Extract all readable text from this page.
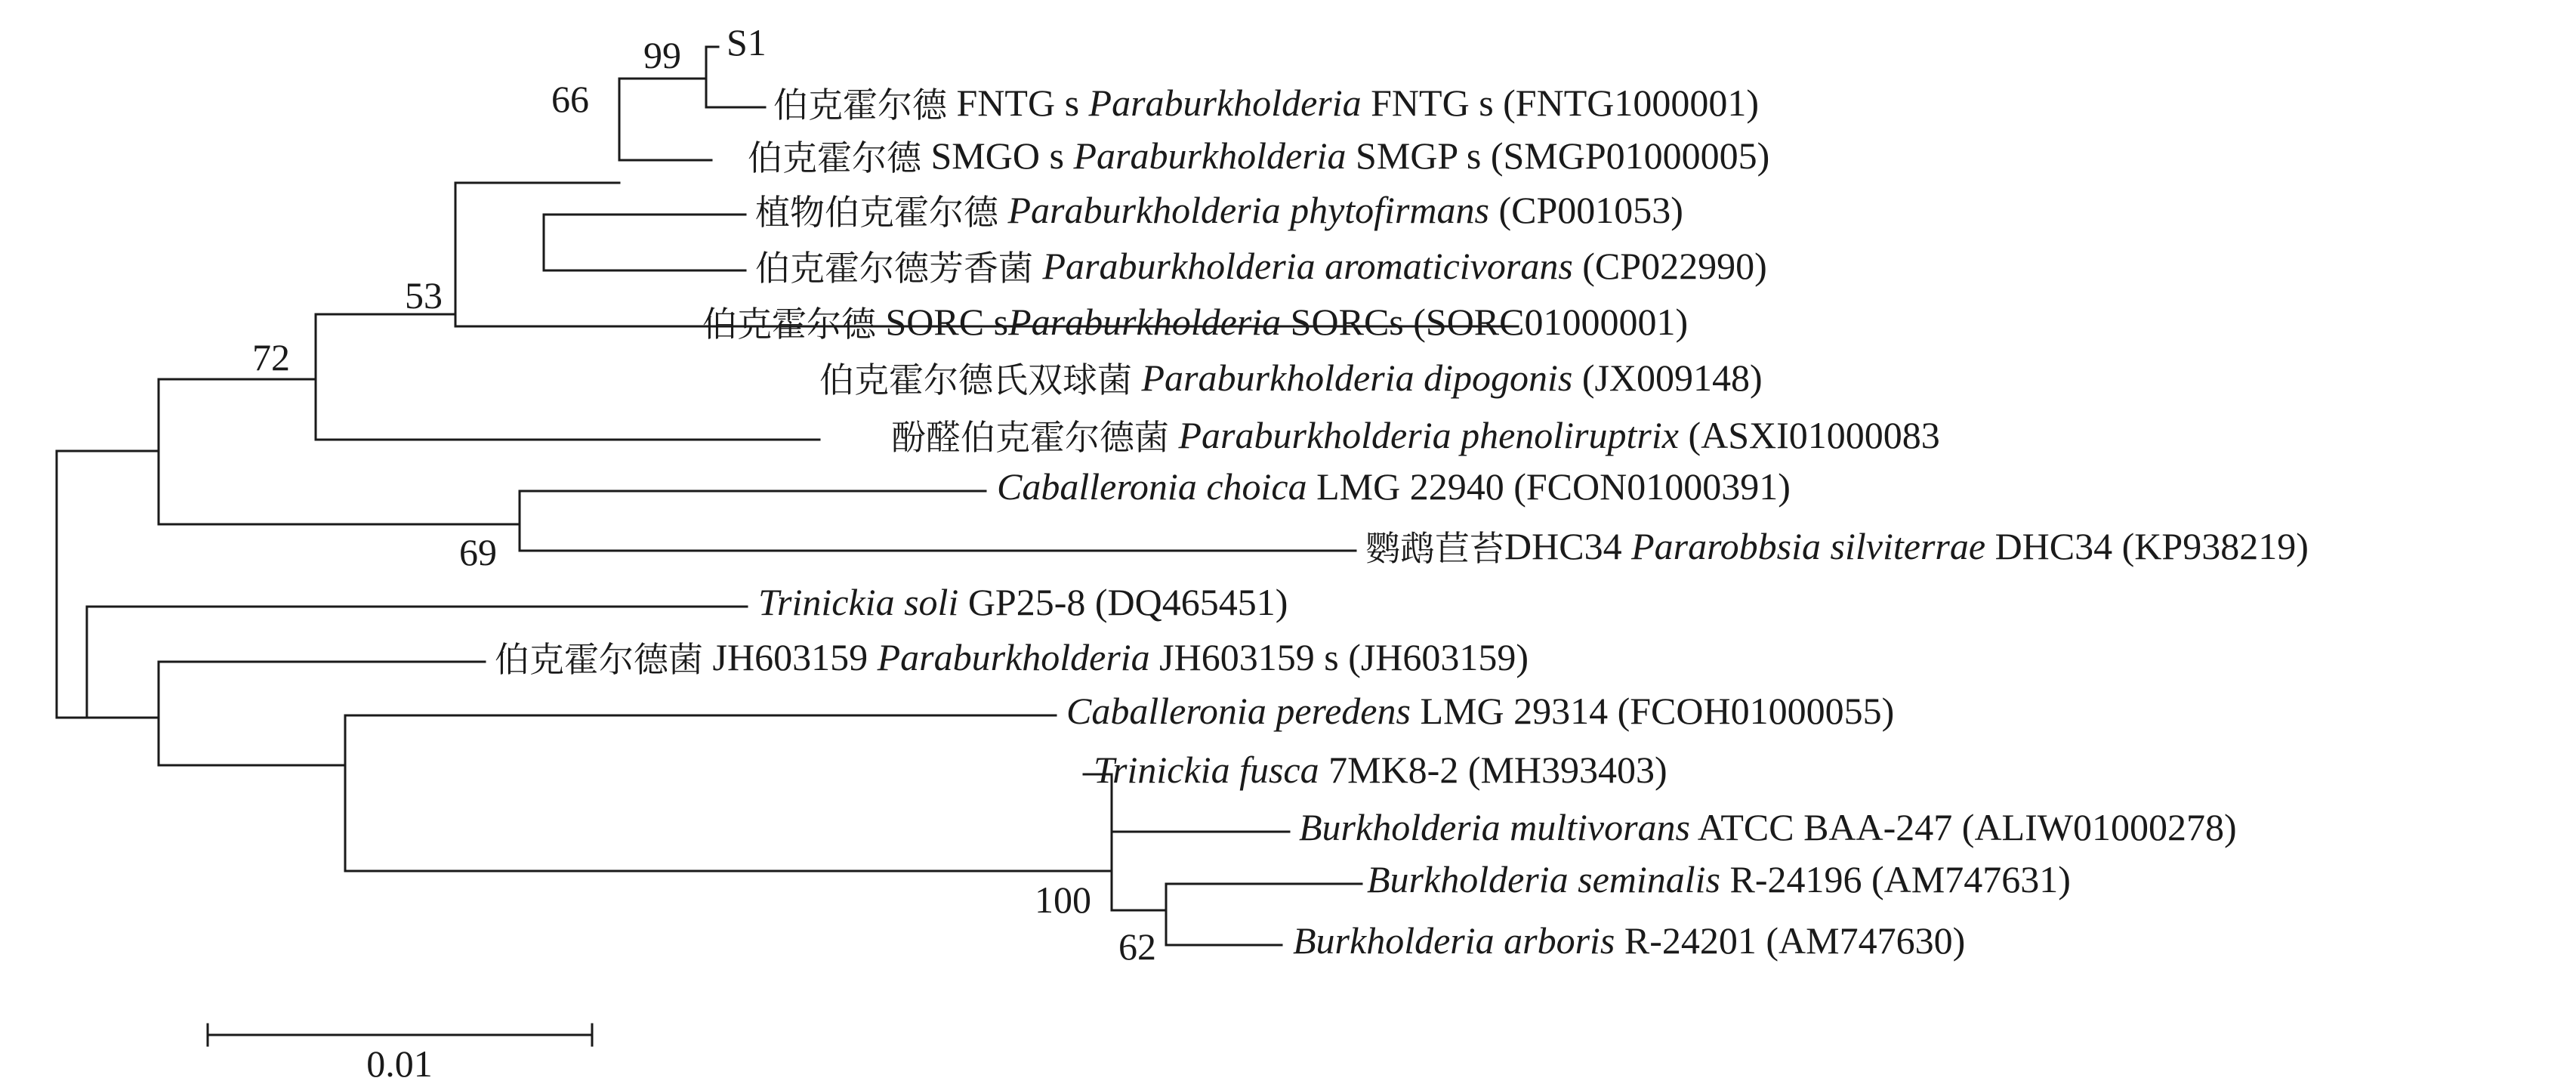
S1
伯克霍尔德 FNTG s Paraburkholderia FNTG s (FNTG1000001)
伯克霍尔德 SMGO s Paraburkholderia SMGP s (SMGP01000005)
植物伯克霍尔德 Paraburkholderia phytofirmans (CP001053)
伯克霍尔德芳香菌 Paraburkholderia aromaticivorans (CP022990)
伯克霍尔德 SORC sParaburkholderia SORCs (SORC01000001)
伯克霍尔德氏双球菌 Paraburkholderia dipogonis (JX009148)
酚醛伯克霍尔德菌 Paraburkholderia phenoliruptrix (ASXI01000083
Caballeronia choica LMG 22940 (FCON01000391)
鹦鹉苣苔DHC34 Pararobbsia silviterrae DHC34 (KP938219)
Trinickia soli GP25-8 (DQ465451)
伯克霍尔德菌 JH603159 Paraburkholderia JH603159 s (JH603159)
Caballeronia peredens LMG 29314 (FCOH01000055)
Trinickia fusca 7MK8-2 (MH393403)
Burkholderia multivorans ATCC BAA-247 (ALIW01000278)
Burkholderia seminalis R-24196 (AM747631)
Burkholderia arboris R-24201 (AM747630)
99
66
53
72
69
100
62
0.01
